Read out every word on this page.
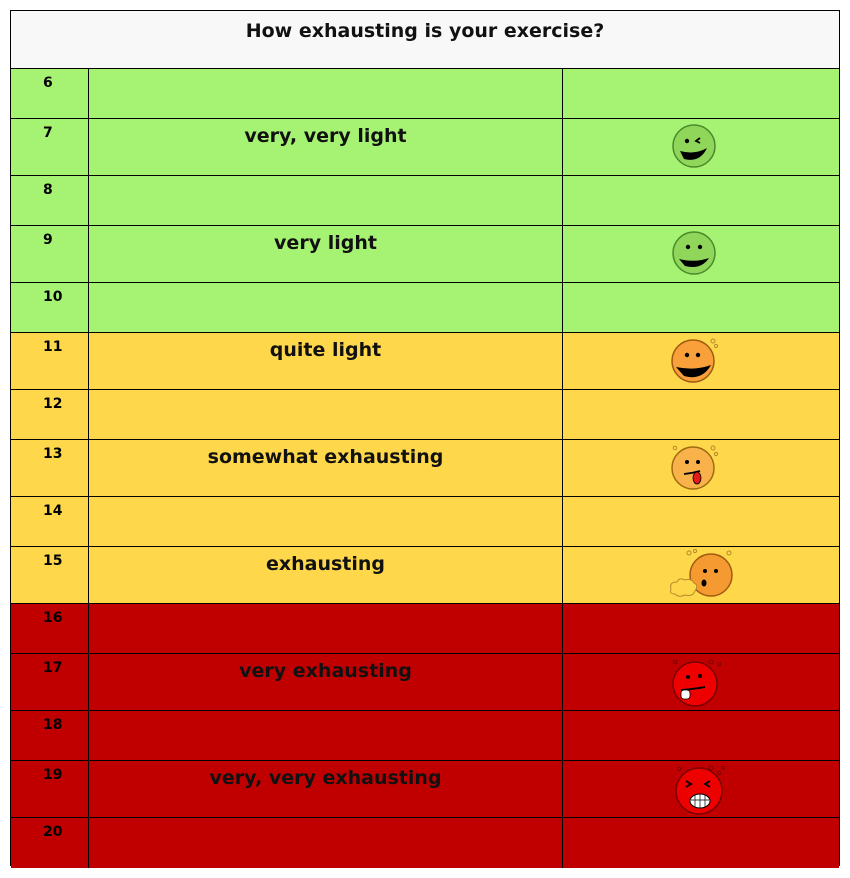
How exhausting is your exercise?
6
7	very, very light
8
9	very light
10
11	quite light
12
13	somewhat exhausting
14
15	exhausting
16
17	very exhausting
18
19	very, very exhausting
20
